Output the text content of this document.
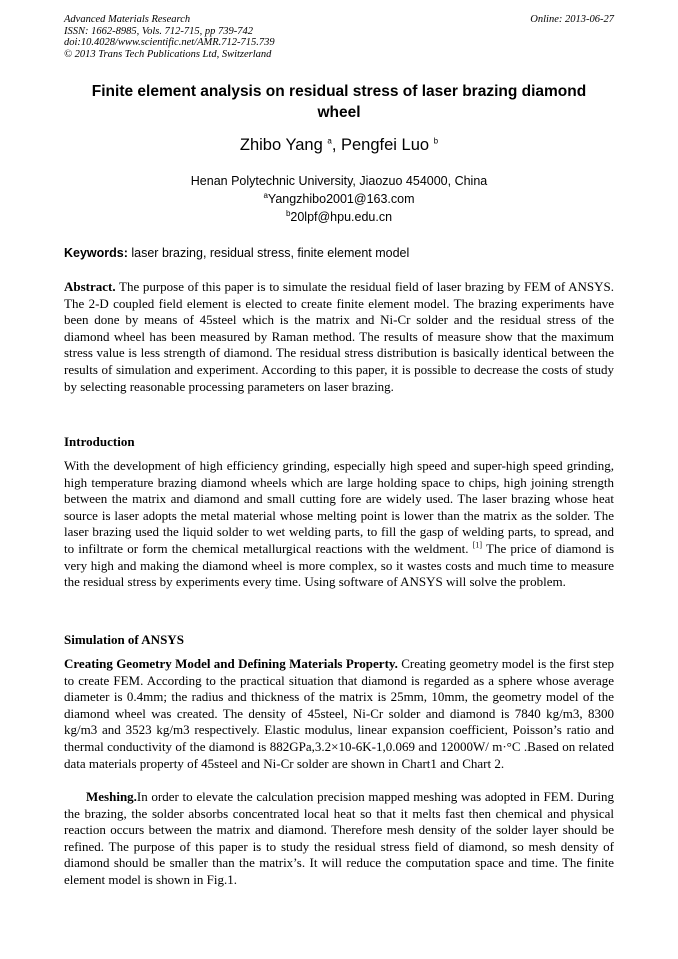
Advanced Materials Research
ISSN: 1662-8985, Vols. 712-715, pp 739-742
doi:10.4028/www.scientific.net/AMR.712-715.739
© 2013 Trans Tech Publications Ltd, Switzerland
Online: 2013-06-27
Finite element analysis on residual stress of laser brazing diamond wheel
Zhibo Yang $^a$, Pengfei Luo $^b$
Henan Polytechnic University, Jiaozuo 454000, China
$^a$Yangzhibo2001@163.com
$^b$20lpf@hpu.edu.cn
Keywords: laser brazing, residual stress, finite element model
Abstract. The purpose of this paper is to simulate the residual field of laser brazing by FEM of ANSYS. The 2-D coupled field element is elected to create finite element model. The brazing experiments have been done by means of 45steel which is the matrix and Ni-Cr solder and the residual stress of the diamond wheel has been measured by Raman method. The results of measure show that the maximum stress value is less strength of diamond. The residual stress distribution is basically identical between the results of simulation and experiment. According to this paper, it is possible to decrease the costs of study by selecting reasonable processing parameters on laser brazing.
Introduction
With the development of high efficiency grinding, especially high speed and super-high speed grinding, high temperature brazing diamond wheels which are large holding space to chips, high joining strength between the matrix and diamond and small cutting fore are widely used. The laser brazing whose heat source is laser adopts the metal material whose melting point is lower than the matrix as the solder. The laser brazing used the liquid solder to wet welding parts, to fill the gasp of welding parts, to spread, and to infiltrate or form the chemical metallurgical reactions with the weldment. [1] The price of diamond is very high and making the diamond wheel is more complex, so it wastes costs and much time to measure the residual stress by experiments every time. Using software of ANSYS will solve the problem.
Simulation of ANSYS
Creating Geometry Model and Defining Materials Property. Creating geometry model is the first step to create FEM. According to the practical situation that diamond is regarded as a sphere whose average diameter is 0.4mm; the radius and thickness of the matrix is 25mm, 10mm, the geometry model of the diamond wheel was created. The density of 45steel, Ni-Cr solder and diamond is 7840 kg/m3, 8300 kg/m3 and 3523 kg/m3 respectively. Elastic modulus, linear expansion coefficient, Poisson’s ratio and thermal conductivity of the diamond is 882GPa,3.2×10-6K-1,0.069 and 12000W/ m·°C .Based on related data materials property of 45steel and Ni-Cr solder are shown in Chart1 and Chart 2.
Meshing.In order to elevate the calculation precision mapped meshing was adopted in FEM. During the brazing, the solder absorbs concentrated local heat so that it melts fast then chemical and physical reaction occurs between the matrix and diamond. Therefore mesh density of the solder layer should be refined. The purpose of this paper is to study the residual stress field of diamond, so mesh density of diamond should be smaller than the matrix’s. It will reduce the computation space and time. The finite element model is shown in Fig.1.
